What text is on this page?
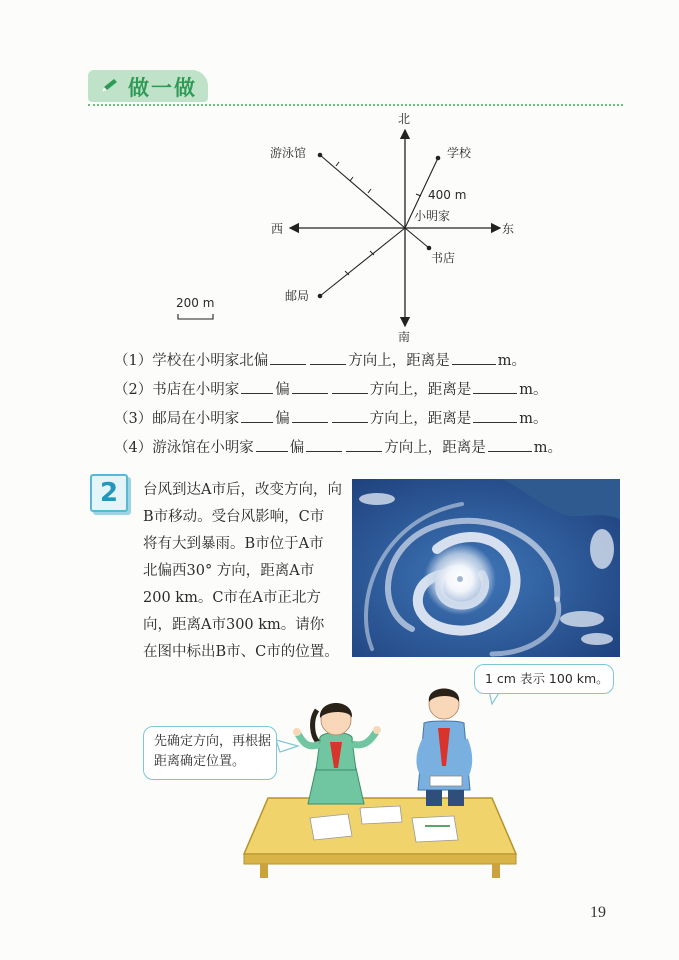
做一做
北
南
东
西
小明家
学校
游泳馆
书店
邮局
400 m
200 m
（1）学校在小明家北偏	方向上，距离是	m。
（2）书店在小明家 偏	方向上，距离是	m。
（3）邮局在小明家 偏	方向上，距离是	m。
（4）游泳馆在小明家 偏	方向上，距离是	m。
2	台风到达A市后，改变方向，向
B市移动。受台风影响，C市
将有大到暴雨。B市位于A市
北偏西30° 方向，距离A市
200 km。C市在A市正北方
向，距离A市300 km。请你
在图中标出B市、C市的位置。
1 cm 表示 100 km。
先确定方向，再根据距离确定位置。
19
